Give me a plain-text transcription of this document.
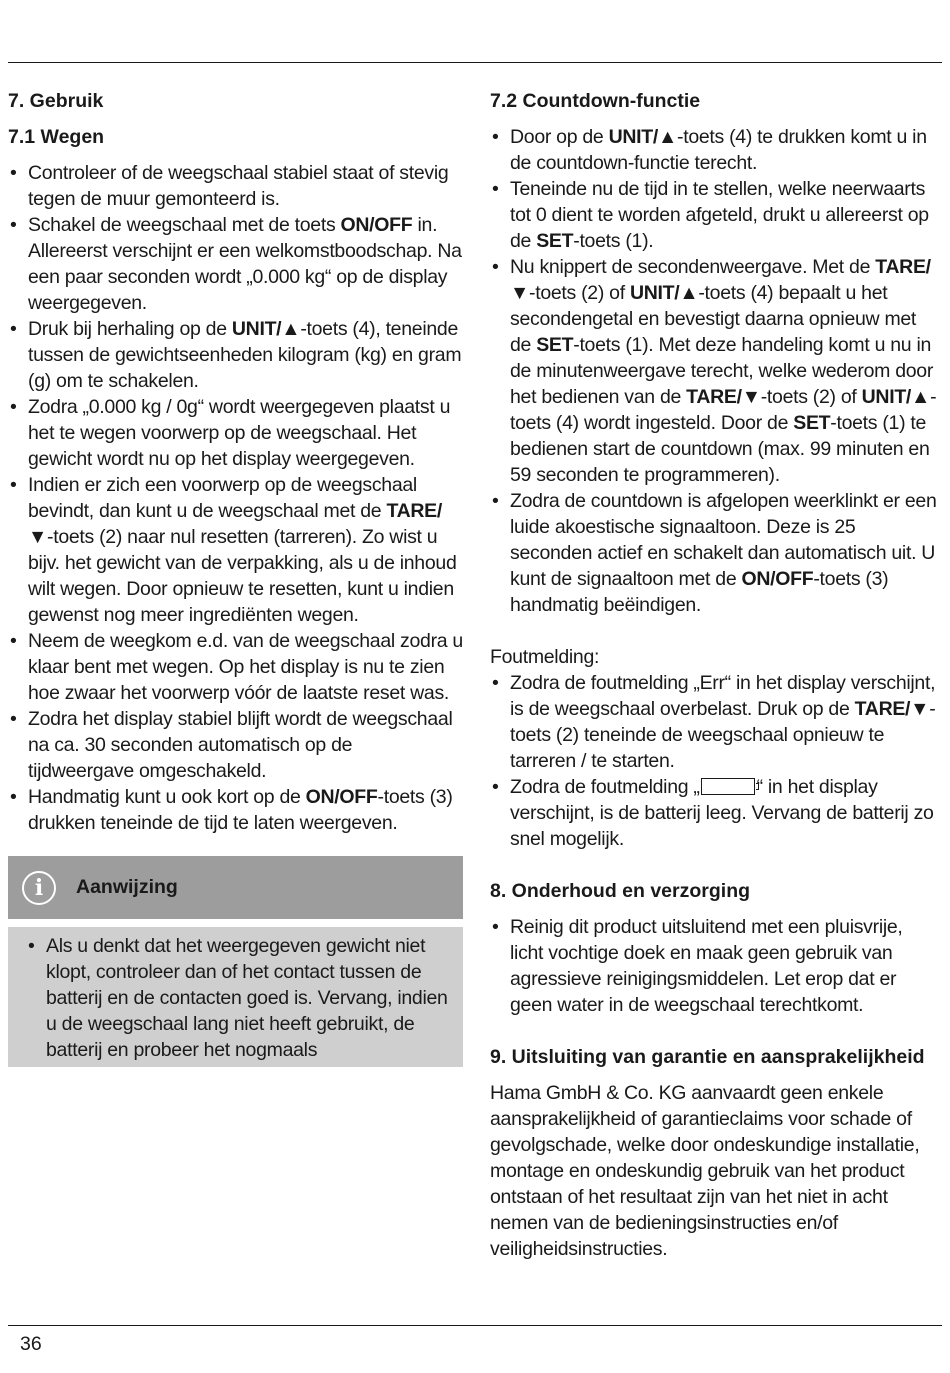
7. Gebruik
7.1 Wegen
• Controleer of de weegschaal stabiel staat of stevig tegen de muur gemonteerd is.
• Schakel de weegschaal met de toets ON/OFF in. Allereerst verschijnt er een welkomstboodschap. Na een paar seconden wordt „0.000 kg“ op de display weergegeven.
• Druk bij herhaling op de UNIT/▲-toets (4), teneinde tussen de gewichtseenheden kilogram (kg) en gram (g) om te schakelen.
• Zodra „0.000 kg / 0g“ wordt weergegeven plaatst u het te wegen voorwerp op de weegschaal. Het gewicht wordt nu op het display weergegeven.
• Indien er zich een voorwerp op de weegschaal bevindt, dan kunt u de weegschaal met de TARE/▼-toets (2) naar nul resetten (tarreren). Zo wist u bijv. het gewicht van de verpakking, als u de inhoud wilt wegen. Door opnieuw te resetten, kunt u indien gewenst nog meer ingrediënten wegen.
• Neem de weegkom e.d. van de weegschaal zodra u klaar bent met wegen. Op het display is nu te zien hoe zwaar het voorwerp vóór de laatste reset was.
• Zodra het display stabiel blijft wordt de weegschaal na ca. 30 seconden automatisch op de tijdweergave omgeschakeld.
• Handmatig kunt u ook kort op de ON/OFF-toets (3) drukken teneinde de tijd te laten weergeven.
i	Aanwijzing
• Als u denkt dat het weergegeven gewicht niet klopt, controleer dan of het contact tussen de batterij en de contacten goed is. Vervang, indien u de weegschaal lang niet heeft gebruikt, de batterij en probeer het nogmaals
7.2 Countdown-functie
• Door op de UNIT/▲-toets (4) te drukken komt u in de countdown-functie terecht.
• Teneinde nu de tijd in te stellen, welke neerwaarts tot 0 dient te worden afgeteld, drukt u allereerst op de SET-toets (1).
• Nu knippert de secondenweergave. Met de TARE/▼-toets (2) of UNIT/▲-toets (4) bepaalt u het secondengetal en bevestigt daarna opnieuw met de SET-toets (1). Met deze handeling komt u nu in de minutenweergave terecht, welke wederom door het bedienen van de TARE/▼-toets (2) of UNIT/▲-toets (4) wordt ingesteld. Door de SET-toets (1) te bedienen start de countdown (max. 99 minuten en 59 seconden te programmeren).
• Zodra de countdown is afgelopen weerklinkt er een luide akoestische signaaltoon. Deze is 25 seconden actief en schakelt dan automatisch uit. U kunt de signaaltoon met de ON/OFF-toets (3) handmatig beëindigen.

Foutmelding:

• Zodra de foutmelding „Err“ in het display verschijnt, is de weegschaal overbelast. Druk op de TARE/▼-toets (2) teneinde de weegschaal opnieuw te tarreren / te starten.
• Zodra de foutmelding „	“ in het display verschijnt, is de batterij leeg. Vervang de batterij zo snel mogelijk.
8. Onderhoud en verzorging
• Reinig dit product uitsluitend met een pluisvrije, licht vochtige doek en maak geen gebruik van agressieve reinigingsmiddelen. Let erop dat er geen water in de weegschaal terechtkomt.
9. Uitsluiting van garantie en aansprakelijkheid

Hama GmbH & Co. KG aanvaardt geen enkele aansprakelijkheid of garantieclaims voor schade of gevolgschade, welke door ondeskundige installatie, montage en ondeskundig gebruik van het product ontstaan of het resultaat zijn van het niet in acht nemen van de bedieningsinstructies en/of veiligheidsinstructies.

36
